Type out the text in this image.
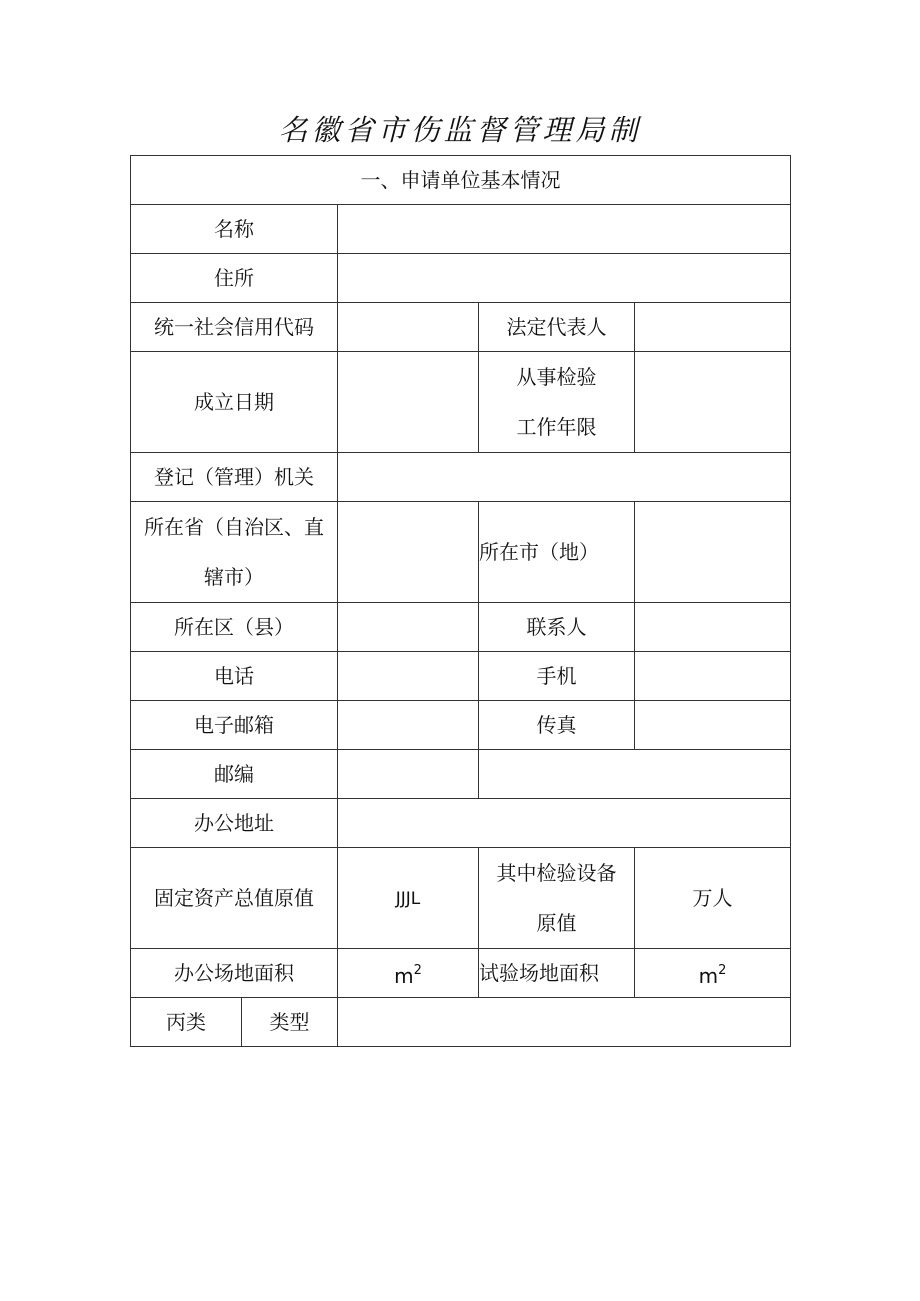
名徽省市伤监督管理局制
一、申请单位基本情况				
名称				
住所				
统一社会信用代码			法定代表人	
成立日期			从事检验
工作年限	

登记（管理）机关				

所在省（自治区、直
辖市）			所在市（地）	
所在区（县）			联系人	
电话			手机	
电子邮箱			传真	
邮编				
办公地址				
固定资产总值原值		JJJL	其中检验设备
原值	万人
办公场地面积		$m^2$	试验场地面积	$m^2$
丙类	类型			
